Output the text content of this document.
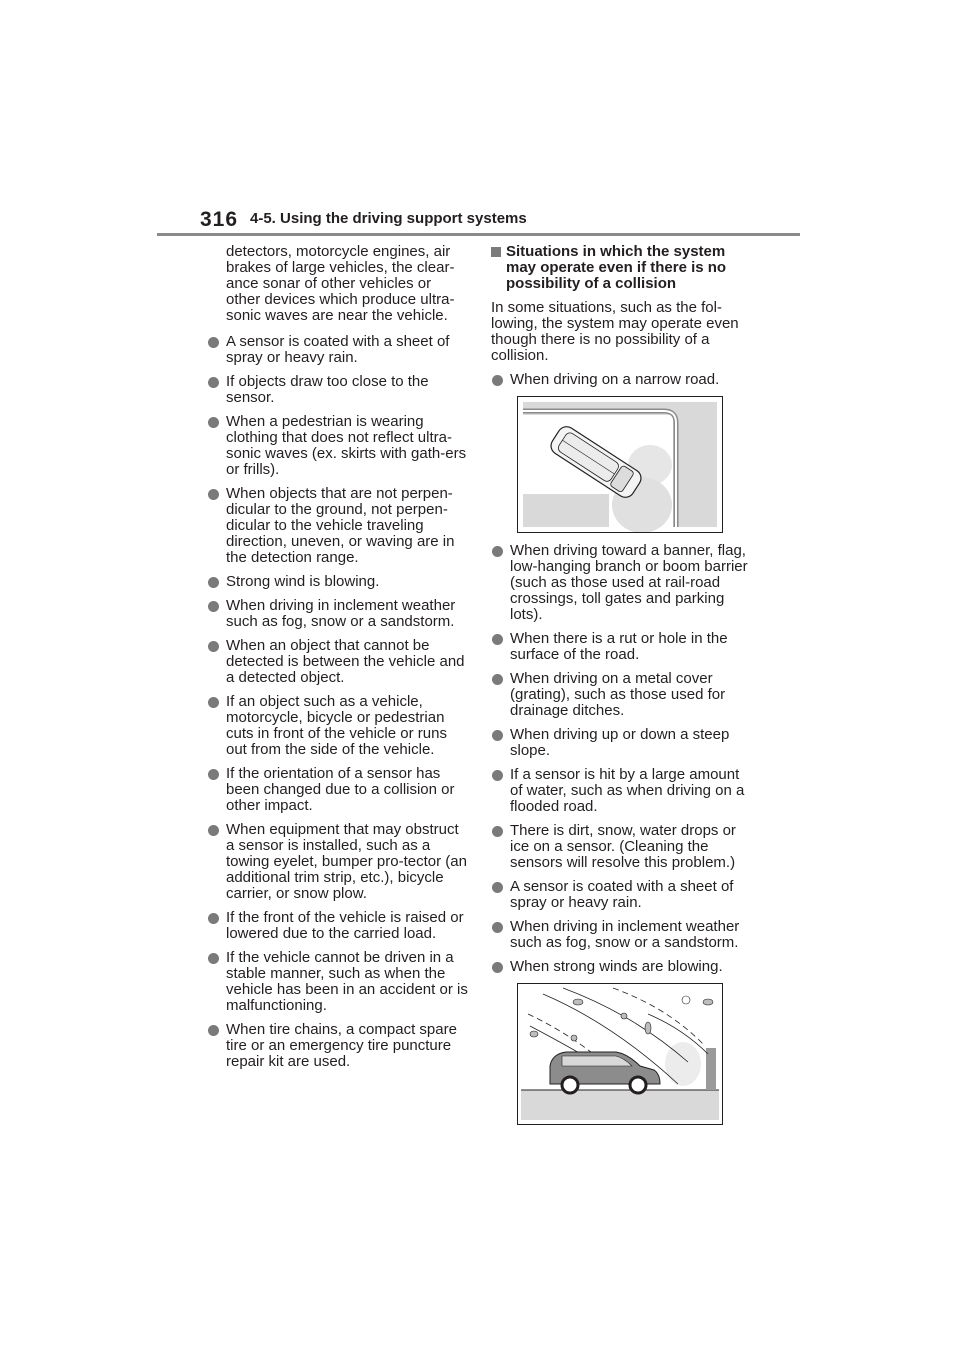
316 4-5. Using the driving support systems

detectors, motorcycle engines, air brakes of large vehicles, the clear-ance sonar of other vehicles or other devices which produce ultra-sonic waves are near the vehicle.

A sensor is coated with a sheet of spray or heavy rain.
If objects draw too close to the sensor.
When a pedestrian is wearing clothing that does not reflect ultra-sonic waves (ex. skirts with gath-ers or frills).
When objects that are not perpen-dicular to the ground, not perpen-dicular to the vehicle traveling direction, uneven, or waving are in the detection range.
Strong wind is blowing.
When driving in inclement weather such as fog, snow or a sandstorm.
When an object that cannot be detected is between the vehicle and a detected object.
If an object such as a vehicle, motorcycle, bicycle or pedestrian cuts in front of the vehicle or runs out from the side of the vehicle.
If the orientation of a sensor has been changed due to a collision or other impact.
When equipment that may obstruct a sensor is installed, such as a towing eyelet, bumper pro-tector (an additional trim strip, etc.), bicycle carrier, or snow plow.
If the front of the vehicle is raised or lowered due to the carried load.
If the vehicle cannot be driven in a stable manner, such as when the vehicle has been in an accident or is malfunctioning.
When tire chains, a compact spare tire or an emergency tire puncture repair kit are used.
Situations in which the system may operate even if there is no possibility of a collision

In some situations, such as the fol-lowing, the system may operate even though there is no possibility of a collision.

When driving on a narrow road.
When driving toward a banner, flag, low-hanging branch or boom barrier (such as those used at rail-road crossings, toll gates and parking lots).
When there is a rut or hole in the surface of the road.
When driving on a metal cover (grating), such as those used for drainage ditches.
When driving up or down a steep slope.
If a sensor is hit by a large amount of water, such as when driving on a flooded road.
There is dirt, snow, water drops or ice on a sensor. (Cleaning the sensors will resolve this problem.)
A sensor is coated with a sheet of spray or heavy rain.
When driving in inclement weather such as fog, snow or a sandstorm.
When strong winds are blowing.
